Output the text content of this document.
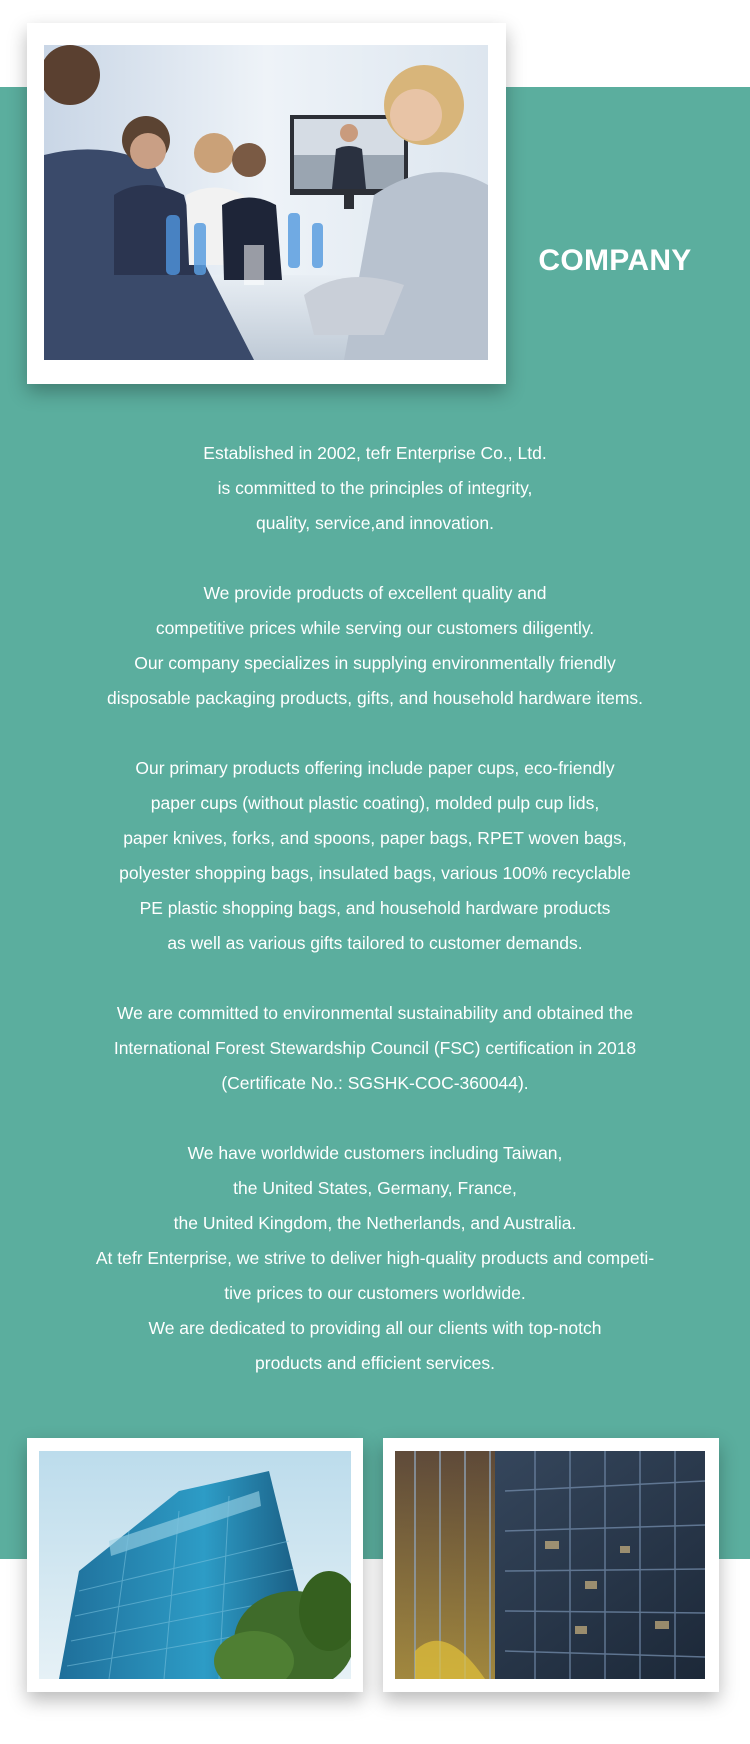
COMPANY
Established in 2002, tefr Enterprise Co., Ltd.
is committed to the principles of integrity,
quality, service,and innovation.
We provide products of excellent quality and
competitive prices while serving our customers diligently.
Our company specializes in supplying environmentally friendly
disposable packaging products, gifts, and household hardware items.
Our primary products offering include paper cups, eco-friendly
paper cups (without plastic coating), molded pulp cup lids,
paper knives, forks, and spoons, paper bags, RPET woven bags,
polyester shopping bags, insulated bags, various 100% recyclable
PE plastic shopping bags, and household hardware products
as well as various gifts tailored to customer demands.
We are committed to environmental sustainability and obtained the
International Forest Stewardship Council (FSC) certification in 2018
(Certificate No.: SGSHK-COC-360044).
We have worldwide customers including Taiwan,
the United States, Germany, France,
the United Kingdom, the Netherlands, and Australia.
At tefr Enterprise, we strive to deliver high-quality products and competi-
tive prices to our customers worldwide.
We are dedicated to providing all our clients with top-notch
products and efficient services.
